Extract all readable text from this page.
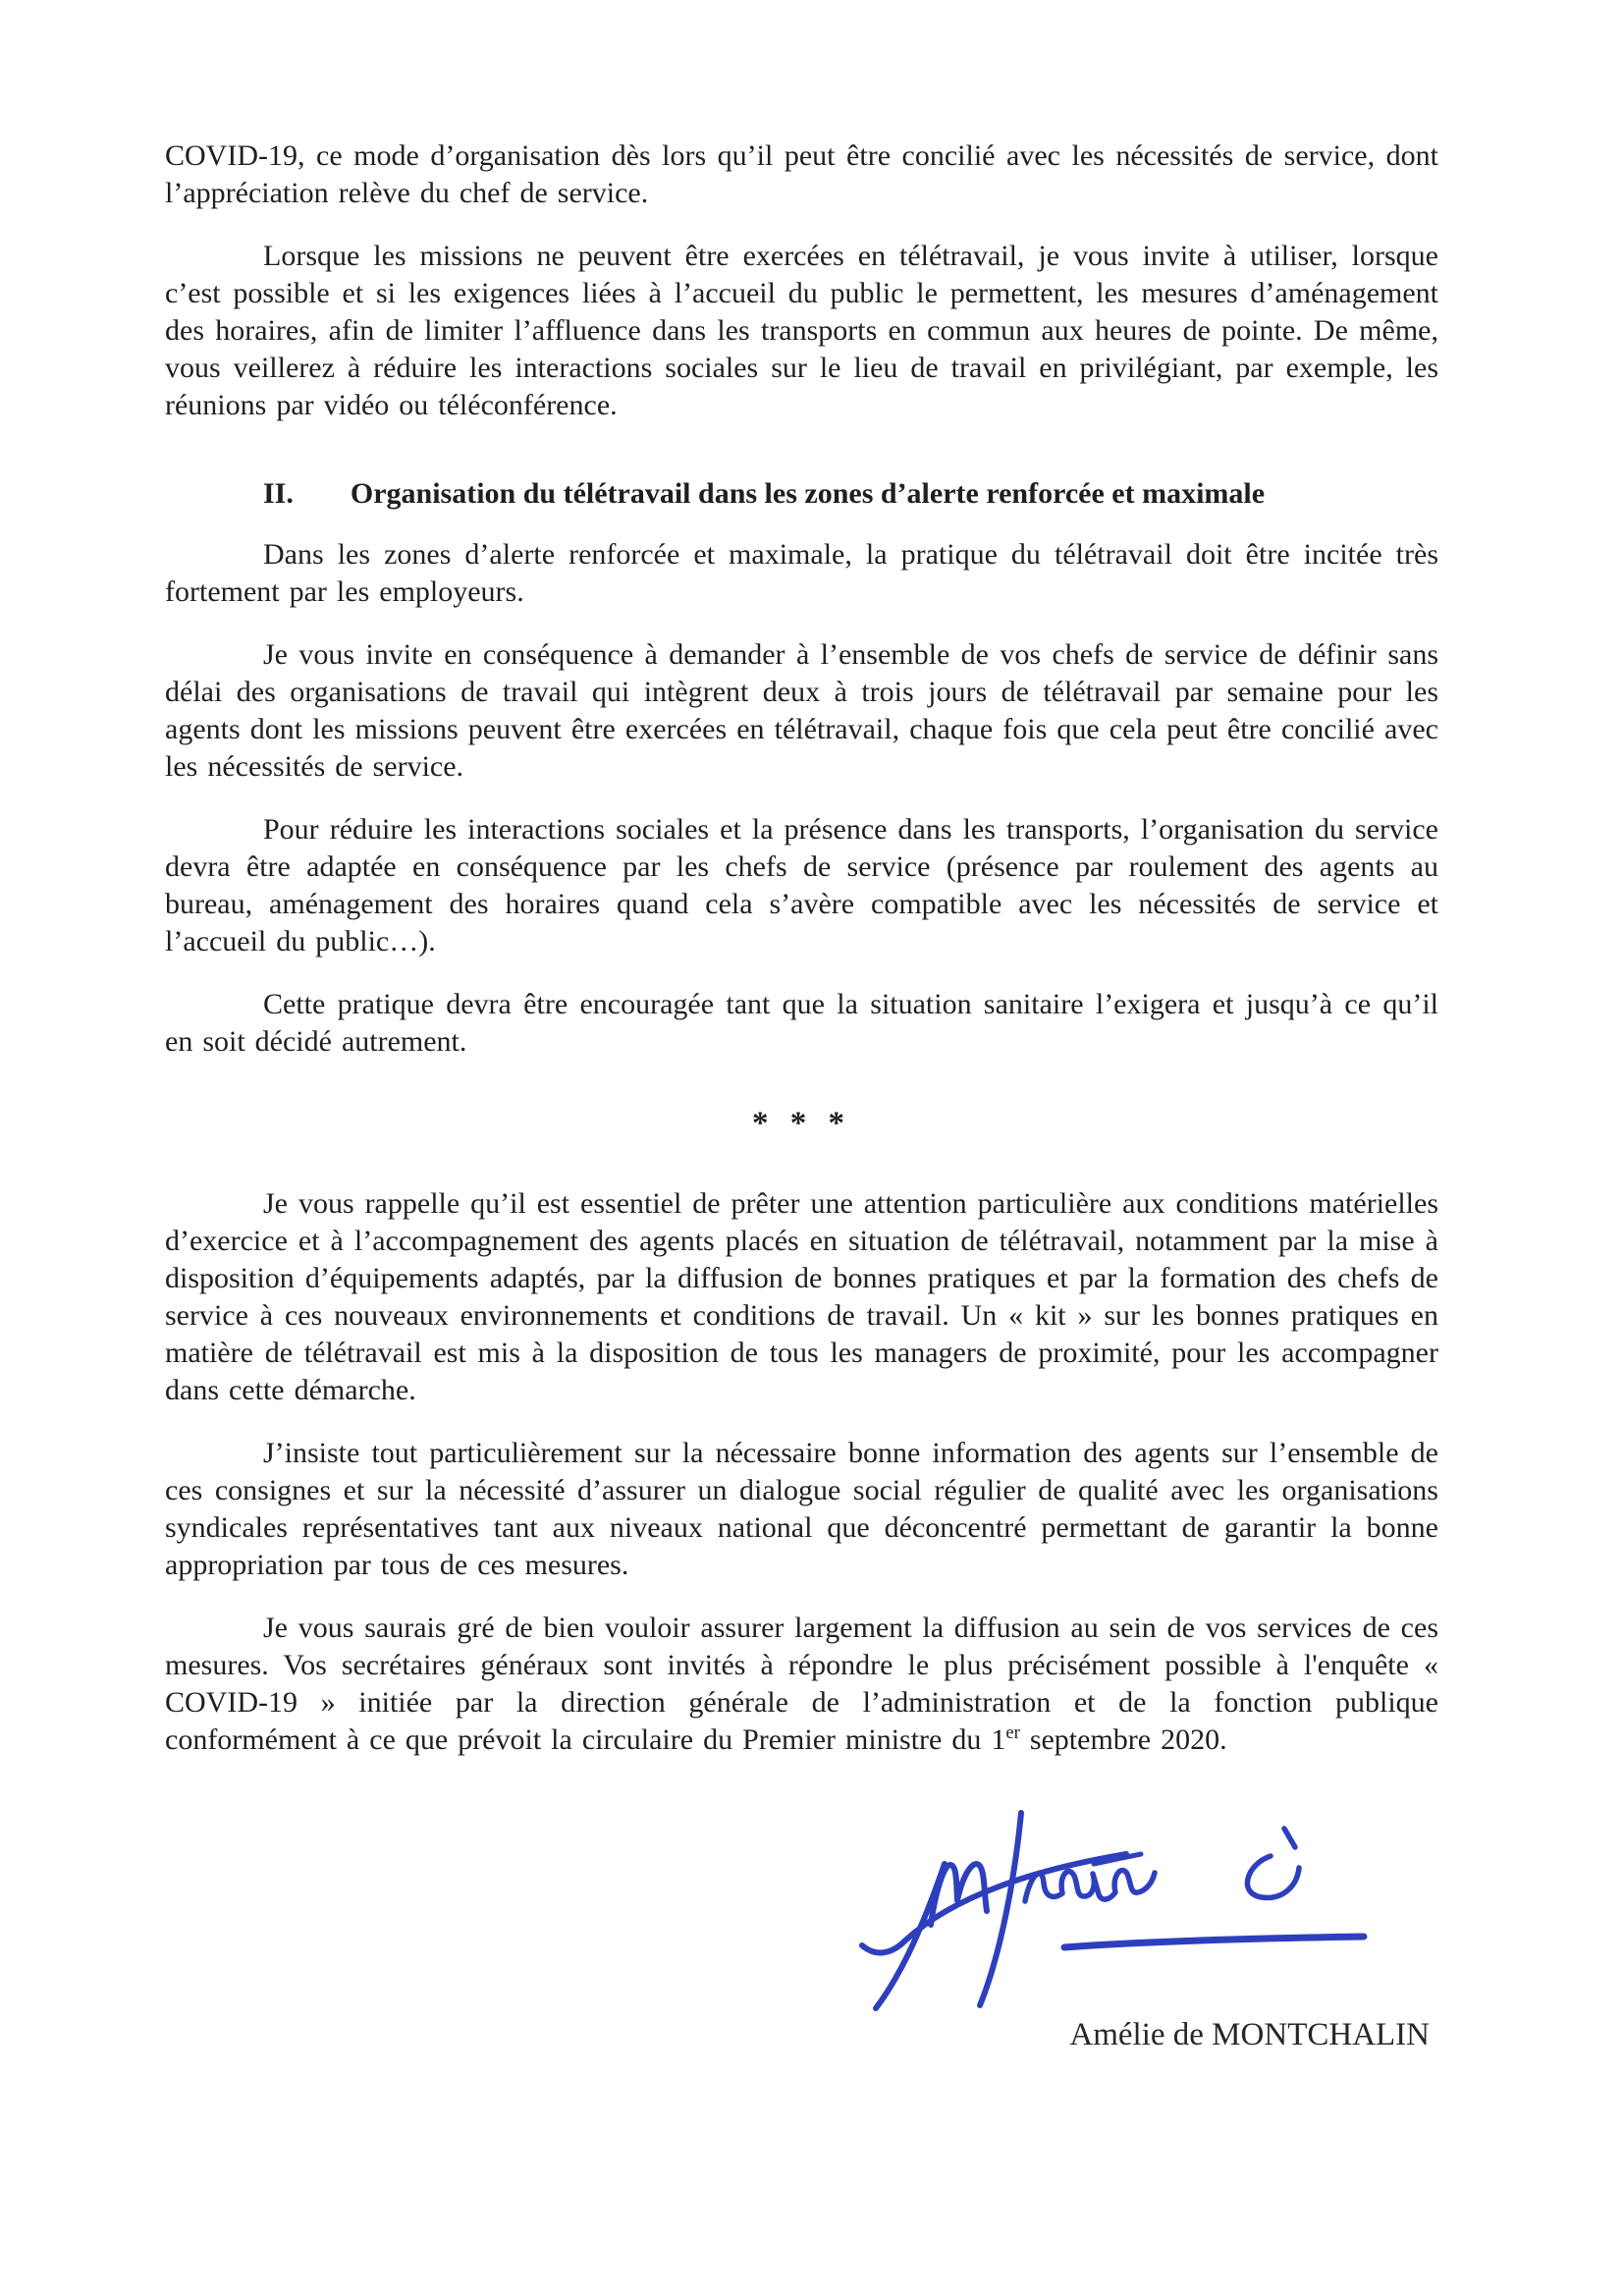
COVID-19, ce mode d’organisation dès lors qu’il peut être concilié avec les nécessités de service, dont l’appréciation relève du chef de service.

Lorsque les missions ne peuvent être exercées en télétravail, je vous invite à utiliser, lorsque c’est possible et si les exigences liées à l’accueil du public le permettent, les mesures d’aménagement des horaires, afin de limiter l’affluence dans les transports en commun aux heures de pointe. De même, vous veillerez à réduire les interactions sociales sur le lieu de travail en privilégiant, par exemple, les réunions par vidéo ou téléconférence.

II. Organisation du télétravail dans les zones d’alerte renforcée et maximale

Dans les zones d’alerte renforcée et maximale, la pratique du télétravail doit être incitée très fortement par les employeurs.

Je vous invite en conséquence à demander à l’ensemble de vos chefs de service de définir sans délai des organisations de travail qui intègrent deux à trois jours de télétravail par semaine pour les agents dont les missions peuvent être exercées en télétravail, chaque fois que cela peut être concilié avec les nécessités de service.

Pour réduire les interactions sociales et la présence dans les transports, l’organisation du service devra être adaptée en conséquence par les chefs de service (présence par roulement des agents au bureau, aménagement des horaires quand cela s’avère compatible avec les nécessités de service et l’accueil du public…).

Cette pratique devra être encouragée tant que la situation sanitaire l’exigera et jusqu’à ce qu’il en soit décidé autrement.

* * *

Je vous rappelle qu’il est essentiel de prêter une attention particulière aux conditions matérielles d’exercice et à l’accompagnement des agents placés en situation de télétravail, notamment par la mise à disposition d’équipements adaptés, par la diffusion de bonnes pratiques et par la formation des chefs de service à ces nouveaux environnements et conditions de travail. Un « kit » sur les bonnes pratiques en matière de télétravail est mis à la disposition de tous les managers de proximité, pour les accompagner dans cette démarche.

J’insiste tout particulièrement sur la nécessaire bonne information des agents sur l’ensemble de ces consignes et sur la nécessité d’assurer un dialogue social régulier de qualité avec les organisations syndicales représentatives tant aux niveaux national que déconcentré permettant de garantir la bonne appropriation par tous de ces mesures.

Je vous saurais gré de bien vouloir assurer largement la diffusion au sein de vos services de ces mesures. Vos secrétaires généraux sont invités à répondre le plus précisément possible à l'enquête « COVID-19 » initiée par la direction générale de l’administration et de la fonction publique conformément à ce que prévoit la circulaire du Premier ministre du 1er septembre 2020.

Amélie de MONTCHALIN
